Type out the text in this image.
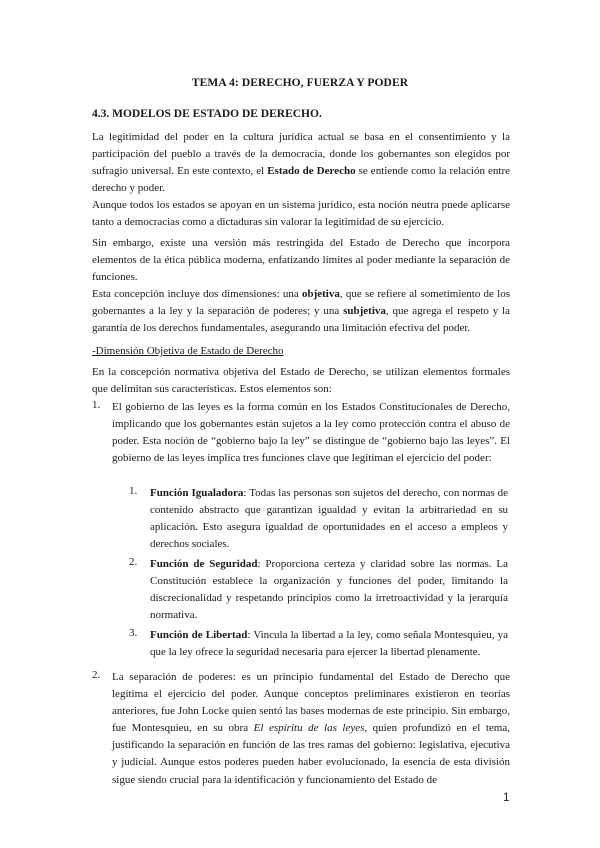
TEMA 4: DERECHO, FUERZA Y PODER
4.3. MODELOS DE ESTADO DE DERECHO.
La legitimidad del poder en la cultura jurídica actual se basa en el consentimiento y la participación del pueblo a través de la democracia, donde los gobernantes son elegidos por sufragio universal. En este contexto, el Estado de Derecho se entiende como la relación entre derecho y poder.
Aunque todos los estados se apoyan en un sistema jurídico, esta noción neutra puede aplicarse tanto a democracias como a dictaduras sin valorar la legitimidad de su ejercicio.
Sin embargo, existe una versión más restringida del Estado de Derecho que incorpora elementos de la ética pública moderna, enfatizando límites al poder mediante la separación de funciones.
Esta concepción incluye dos dimensiones: una objetiva, que se refiere al sometimiento de los gobernantes a la ley y la separación de poderes; y una subjetiva, que agrega el respeto y la garantía de los derechos fundamentales, asegurando una limitación efectiva del poder.
-Dimensión Objetiva de Estado de Derecho
En la concepción normativa objetiva del Estado de Derecho, se utilizan elementos formales que delimitan sus características. Estos elementos son:
1. El gobierno de las leyes es la forma común en los Estados Constitucionales de Derecho, implicando que los gobernantes están sujetos a la ley como protección contra el abuso de poder. Esta noción de “gobierno bajo la ley” se distingue de “gobierno bajo las leyes”. El gobierno de las leyes implica tres funciones clave que legitiman el ejercicio del poder:
1. Función Igualadora: Todas las personas son sujetos del derecho, con normas de contenido abstracto que garantizan igualdad y evitan la arbitrariedad en su aplicación. Esto asegura igualdad de oportunidades en el acceso a empleos y derechos sociales.
2. Función de Seguridad: Proporciona certeza y claridad sobre las normas. La Constitución establece la organización y funciones del poder, limitando la discrecionalidad y respetando principios como la irretroactividad y la jerarquía normativa.
3. Función de Libertad: Vincula la libertad a la ley, como señala Montesquieu, ya que la ley ofrece la seguridad necesaria para ejercer la libertad plenamente.
2. La separación de poderes: es un principio fundamental del Estado de Derecho que legitima el ejercicio del poder. Aunque conceptos preliminares existieron en teorías anteriores, fue John Locke quien sentó las bases modernas de este principio. Sin embargo, fue Montesquieu, en su obra El espíritu de las leyes, quien profundizó en el tema, justificando la separación en función de las tres ramas del gobierno: legislativa, ejecutiva y judicial. Aunque estos poderes pueden haber evolucionado, la esencia de esta división sigue siendo crucial para la identificación y funcionamiento del Estado de
1
